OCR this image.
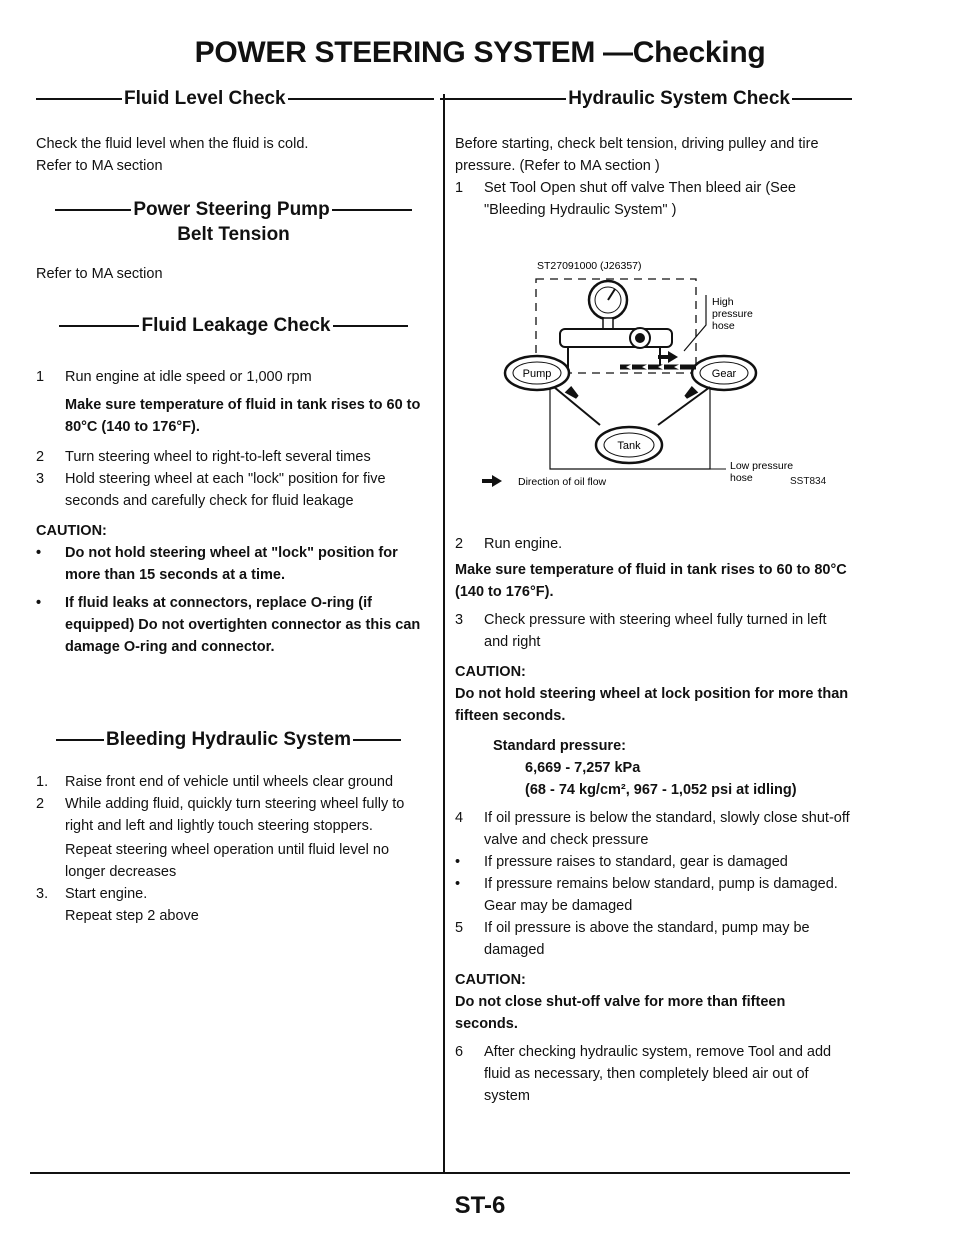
POWER STEERING SYSTEM —Checking
Fluid Level Check

Check the fluid level when the fluid is cold.

Refer to MA section

Power Steering Pump
Belt Tension

Refer to MA section

Fluid Leakage Check
1 Run engine at idle speed or 1,000 rpm

Make sure temperature of fluid in tank rises to 60 to 80°C (140 to 176°F).

2 Turn steering wheel to right-to-left several times

3 Hold steering wheel at each "lock" position for five seconds and carefully check for fluid leakage

CAUTION:

• Do not hold steering wheel at "lock" position for more than 15 seconds at a time.

• If fluid leaks at connectors, replace O-ring (if equipped) Do not overtighten connector as this can damage O-ring and connector.

Bleeding Hydraulic System
1. Raise front end of vehicle until wheels clear ground

2 While adding fluid, quickly turn steering wheel fully to right and left and lightly touch steering stoppers.

Repeat steering wheel operation until fluid level no longer decreases

3. Start engine.

Repeat step 2 above

Hydraulic System Check

Before starting, check belt tension, driving pulley and tire pressure. (Refer to MA section )

1 Set Tool Open shut off valve Then bleed air (See "Bleeding Hydraulic System" )

ST27091000 (J26357)
High pressure hose
Pump	Gear
Tank
Low pressure hose
Direction of oil flow	SST834
2 Run engine.

Make sure temperature of fluid in tank rises to 60 to 80°C (140 to 176°F).

3 Check pressure with steering wheel fully turned in left and right

CAUTION:

Do not hold steering wheel at lock position for more than fifteen seconds.

Standard pressure:

6,669 - 7,257 kPa

(68 - 74 kg/cm², 967 - 1,052 psi at idling)

4 If oil pressure is below the standard, slowly close shut-off valve and check pressure

• If pressure raises to standard, gear is damaged

• If pressure remains below standard, pump is damaged.

Gear may be damaged

5 If oil pressure is above the standard, pump may be damaged

CAUTION:

Do not close shut-off valve for more than fifteen seconds.

6 After checking hydraulic system, remove Tool and add fluid as necessary, then completely bleed air out of system

ST-6
